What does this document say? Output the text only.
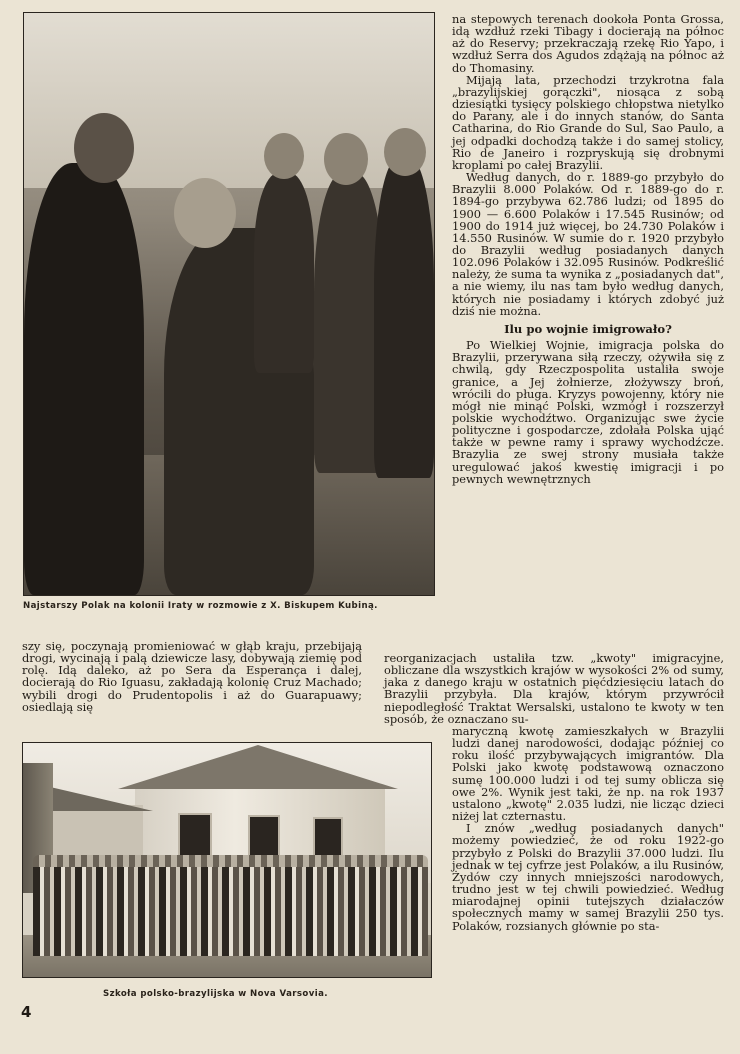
Najstarszy Polak na kolonii Iraty w rozmowie z X. Biskupem Kubiną.

na stepowych terenach dookoła Ponta Grossa, idą wzdłuż rzeki Tibagy i docierają na północ aż do Reservy; przekraczają rzekę Rio Yapo, i wzdłuż Serra dos Agudos zdążają na północ aż do Thomasiny.

Mijają lata, przechodzi trzykrotna fala „brazylijskiej gorączki", niosąca z sobą dziesiątki tysięcy polskiego chłopstwa nietylko do Parany, ale i do innych stanów, do Santa Catharina, do Rio Grande do Sul, Sao Paulo, a jej odpadki dochodzą także i do samej stolicy, Rio de Janeiro i rozpryskują się drobnymi kroplami po całej Brazylii.

Według danych, do r. 1889-go przybyło do Brazylii 8.000 Polaków. Od r. 1889-go do r. 1894-go przybywa 62.786 ludzi; od 1895 do 1900 — 6.600 Polaków i 17.545 Rusinów; od 1900 do 1914 już więcej, bo 24.730 Polaków i 14.550 Rusinów. W sumie do r. 1920 przybyło do Brazylii według posiadanych danych 102.096 Polaków i 32.095 Rusinów. Podkreślić należy, że suma ta wynika z „posiadanych dat", a nie wiemy, ilu nas tam było według danych, których nie posiadamy i których zdobyć już dziś nie można.

Ilu po wojnie imigrowało?

Po Wielkiej Wojnie, imigracja polska do Brazylii, przerywana siłą rzeczy, ożywiła się z chwilą, gdy Rzeczpospolita ustaliła swoje granice, a Jej żołnierze, złożywszy broń, wrócili do pługa. Kryzys powojenny, który nie mógł nie minąć Polski, wzmógł i rozszerzył polskie wychodźtwo. Organizując swe życie polityczne i gospodarcze, zdołała Polska ująć także w pewne ramy i sprawy wychodźcze. Brazylia ze swej strony musiała także uregulować jakoś kwestię imigracji i po pewnych wewnętrznych

szy się, poczynają promieniować w głąb kraju, przebijają drogi, wycinają i palą dziewicze lasy, dobywają ziemię pod rolę. Idą daleko, aż po Sera da Esperança i dalej, docierają do Rio Iguasu, zakładają kolonię Cruz Machado; wybili drogi do Prudentopolis i aż do Guarapuawy; osiedlają się

reorganizacjach ustaliła tzw. „kwoty" imigracyjne, obliczane dla wszystkich krajów w wysokości 2% od sumy, jaka z danego kraju w ostatnich pięćdziesięciu latach do Brazylii przybyła. Dla krajów, którym przywrócił niepodległość Traktat Wersalski, ustalono te kwoty w ten sposób, że oznaczano su-

Szkoła polsko-brazylijska w Nova Varsovia.

maryczną kwotę zamieszkałych w Brazylii ludzi danej narodowości, dodając później co roku ilość przybywających imigrantów. Dla Polski jako kwotę podstawową oznaczono sumę 100.000 ludzi i od tej sumy oblicza się owe 2%. Wynik jest taki, że np. na rok 1937 ustalono „kwotę" 2.035 ludzi, nie licząc dzieci niżej lat czternastu.

I znów „według posiadanych danych" możemy powiedzieć, że od roku 1922-go przybyło z Polski do Brazylii 37.000 ludzi. Ilu jednak w tej cyfrze jest Polaków, a ilu Rusinów, Żydów czy innych mniejszości narodowych, trudno jest w tej chwili powiedzieć. Według miarodajnej opinii tutejszych działaczów społecznych mamy w samej Brazylii 250 tys. Polaków, rozsianych głównie po sta-

4
